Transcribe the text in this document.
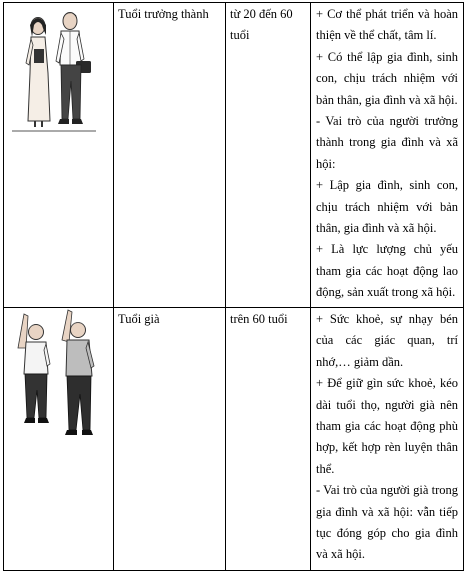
Tuổi trưởng thành	từ 20 đến 60 tuổi	+ Cơ thể phát triển và hoàn thiện về thể chất, tâm lí.

+ Có thể lập gia đình, sinh con, chịu trách nhiệm với bản thân, gia đình và xã hội.

- Vai trò của người trưởng thành trong gia đình và xã hội:

+ Lập gia đình, sinh con, chịu trách nhiệm với bản thân, gia đình và xã hội.

+ Là lực lượng chủ yếu tham gia các hoạt động lao động, sản xuất trong xã hội.

Tuổi già	trên 60 tuổi	+ Sức khoẻ, sự nhạy bén của các giác quan, trí nhớ,… giảm dần.

+ Để giữ gìn sức khoẻ, kéo dài tuổi thọ, người già nên tham gia các hoạt động phù hợp, kết hợp rèn luyện thân thể.

- Vai trò của người già trong gia đình và xã hội: vẫn tiếp tục đóng góp cho gia đình và xã hội.
